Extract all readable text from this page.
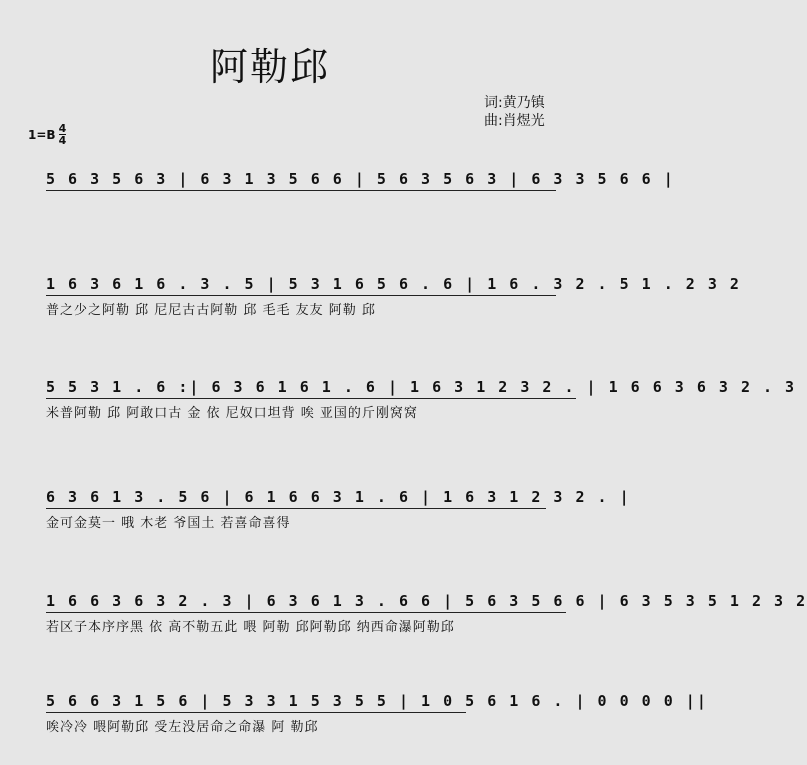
阿勒邱
词:黄乃镇
曲:肖煜光
$1=B \frac{4}{4}$
5 6 3 5 6 3 | 6 3 1 3 5 6 6 | 5 6 3 5 6 3 | 6 3 3 5 6 6 |
1 6 3 6 1 6 . 3 . 5 | 5 3 1 6 5 6 . 6 | 1 6 . 3 2 . 5 1 . 2 3 2
普之少之阿勒 邱 尼尼古古阿勒 邱 毛毛 友友 阿勒 邱
5 5 3 1 . 6 :| 6 3 6 1 6 1 . 6 | 1 6 3 1 2 3 2 . | 1 6 6 3 6 3 2 . 3
米普阿勒 邱 阿敢口古 金 依 尼奴口坦背 唉 亚国的斤刚窝窝
6 3 6 1 3 . 5 6 | 6 1 6 6 3 1 . 6 | 1 6 3 1 2 3 2 . |
金可金莫一 哦 木老 爷国土 若喜命喜得
1 6 6 3 6 3 2 . 3 | 6 3 6 1 3 . 6 6 | 5 6 3 5 6 6 | 6 3 5 3 5 1 2 3 2
若区子本序序黑 依 高不勒五此 喂 阿勒 邱阿勒邱 纳西命瀑阿勒邱
5 6 6 3 1 5 6 | 5 3 3 1 5 3 5 5 | 1 0 5 6 1 6 . | 0 0 0 0 ||
唉冷冷 喂阿勒邱 受左没居命之命瀑 阿 勒邱
